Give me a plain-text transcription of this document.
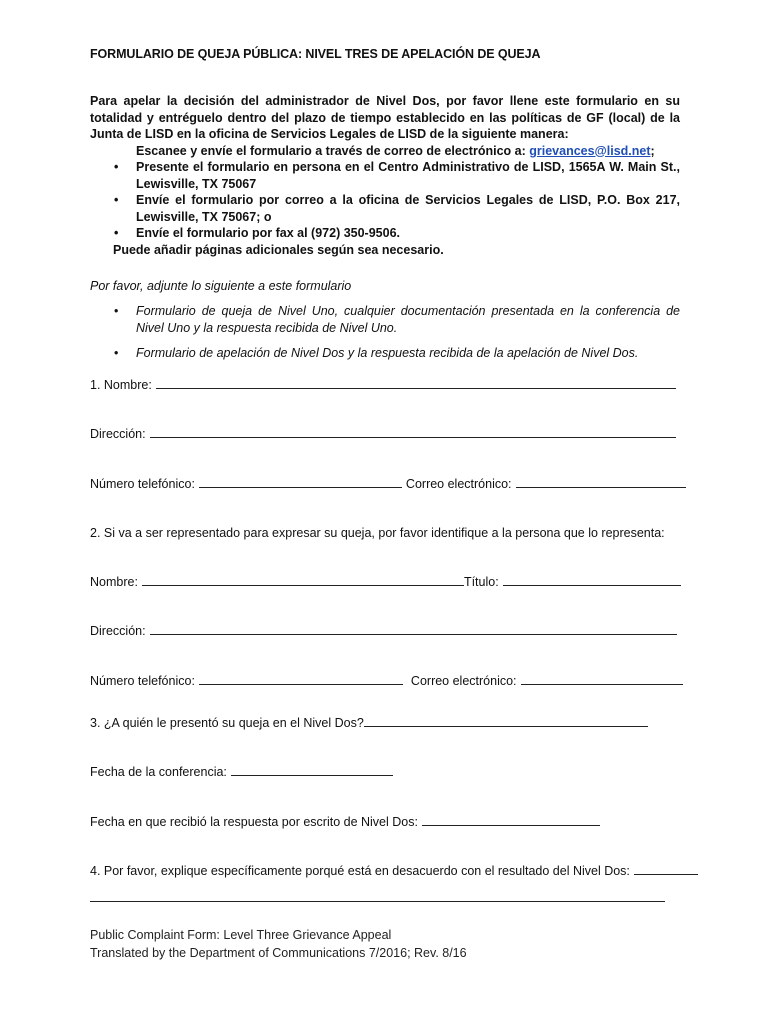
FORMULARIO DE QUEJA PÚBLICA: NIVEL TRES DE APELACIÓN DE QUEJA

Para apelar la decisión del administrador de Nivel Dos, por favor llene este formulario en su totalidad y entréguelo dentro del plazo de tiempo establecido en las políticas de GF (local) de la Junta de LISD en la oficina de Servicios Legales de LISD de la siguiente manera:

Escanee y envíe el formulario a través de correo de electrónico a: grievances@lisd.net;
• Presente el formulario en persona en el Centro Administrativo de LISD, 1565A W. Main St., Lewisville, TX 75067
• Envíe el formulario por correo a la oficina de Servicios Legales de LISD, P.O. Box 217, Lewisville, TX 75067; o
• Envíe el formulario por fax al (972) 350-9506.
Puede añadir páginas adicionales según sea necesario.
Por favor, adjunte lo siguiente a este formulario
• Formulario de queja de Nivel Uno, cualquier documentación presentada en la conferencia de Nivel Uno y la respuesta recibida de Nivel Uno.
• Formulario de apelación de Nivel Dos y la respuesta recibida de la apelación de Nivel Dos.
1. Nombre:
Dirección:
Número telefónico:	Correo electrónico:
2. Si va a ser representado para expresar su queja, por favor identifique a la persona que lo representa:
Nombre:	Título:
Dirección:
Número telefónico:	Correo electrónico:
3. ¿A quién le presentó su queja en el Nivel Dos?
Fecha de la conferencia:
Fecha en que recibió la respuesta por escrito de Nivel Dos:
4. Por favor, explique específicamente porqué está en desacuerdo con el resultado del Nivel Dos:
Public Complaint Form: Level Three Grievance Appeal
Translated by the Department of Communications 7/2016; Rev. 8/16
